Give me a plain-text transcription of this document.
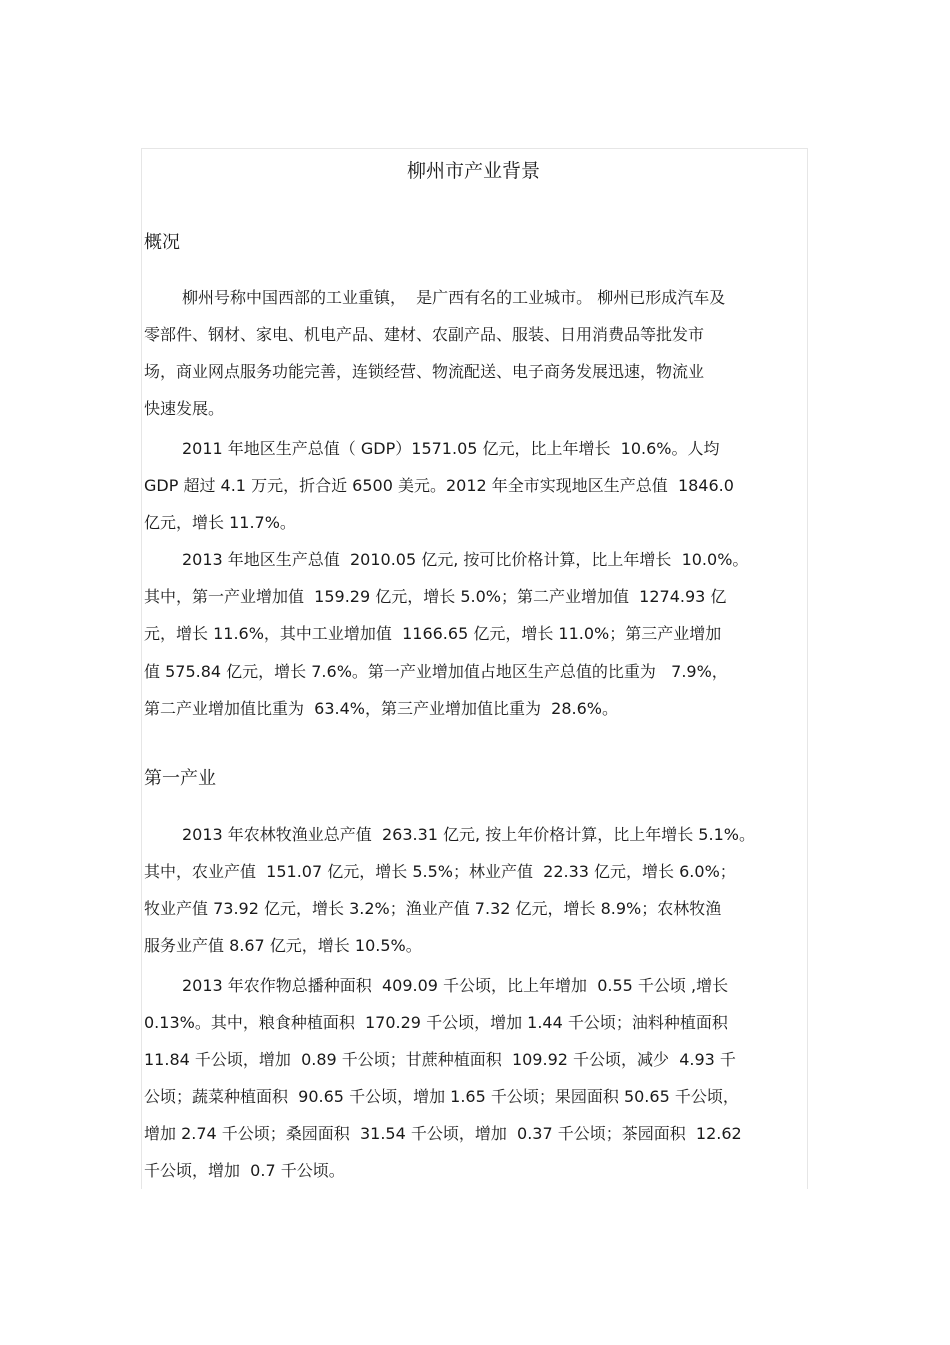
柳州市产业背景
概况
柳州号称中国西部的工业重镇，  是广西有名的工业城市。 柳州已形成汽车及
零部件、钢材、家电、机电产品、建材、农副产品、服装、日用消费品等批发市
场，商业网点服务功能完善，连锁经营、物流配送、电子商务发展迅速，物流业
快速发展。
2011 年地区生产总值（ GDP）1571.05 亿元，比上年增长  10.6%。人均
GDP 超过 4.1 万元，折合近 6500 美元。2012 年全市实现地区生产总值  1846.0
亿元，增长 11.7%。
2013 年地区生产总值  2010.05 亿元, 按可比价格计算，比上年增长  10.0%。
其中，第一产业增加值  159.29 亿元，增长 5.0%；第二产业增加值  1274.93 亿
元，增长 11.6%，其中工业增加值  1166.65 亿元，增长 11.0%；第三产业增加
值 575.84 亿元，增长 7.6%。第一产业增加值占地区生产总值的比重为   7.9%，
第二产业增加值比重为  63.4%，第三产业增加值比重为  28.6%。
第一产业
2013 年农林牧渔业总产值  263.31 亿元, 按上年价格计算，比上年增长 5.1%。
其中，农业产值  151.07 亿元，增长 5.5%；林业产值  22.33 亿元，增长 6.0%；
牧业产值 73.92 亿元，增长 3.2%；渔业产值 7.32 亿元，增长 8.9%；农林牧渔
服务业产值 8.67 亿元，增长 10.5%。
2013 年农作物总播种面积  409.09 千公顷，比上年增加  0.55 千公顷 ,增长
0.13%。其中，粮食种植面积  170.29 千公顷，增加 1.44 千公顷；油料种植面积
11.84 千公顷，增加  0.89 千公顷；甘蔗种植面积  109.92 千公顷，减少  4.93 千
公顷；蔬菜种植面积  90.65 千公顷，增加 1.65 千公顷；果园面积 50.65 千公顷，
增加 2.74 千公顷；桑园面积  31.54 千公顷，增加  0.37 千公顷；茶园面积  12.62
千公顷，增加  0.7 千公顷。
